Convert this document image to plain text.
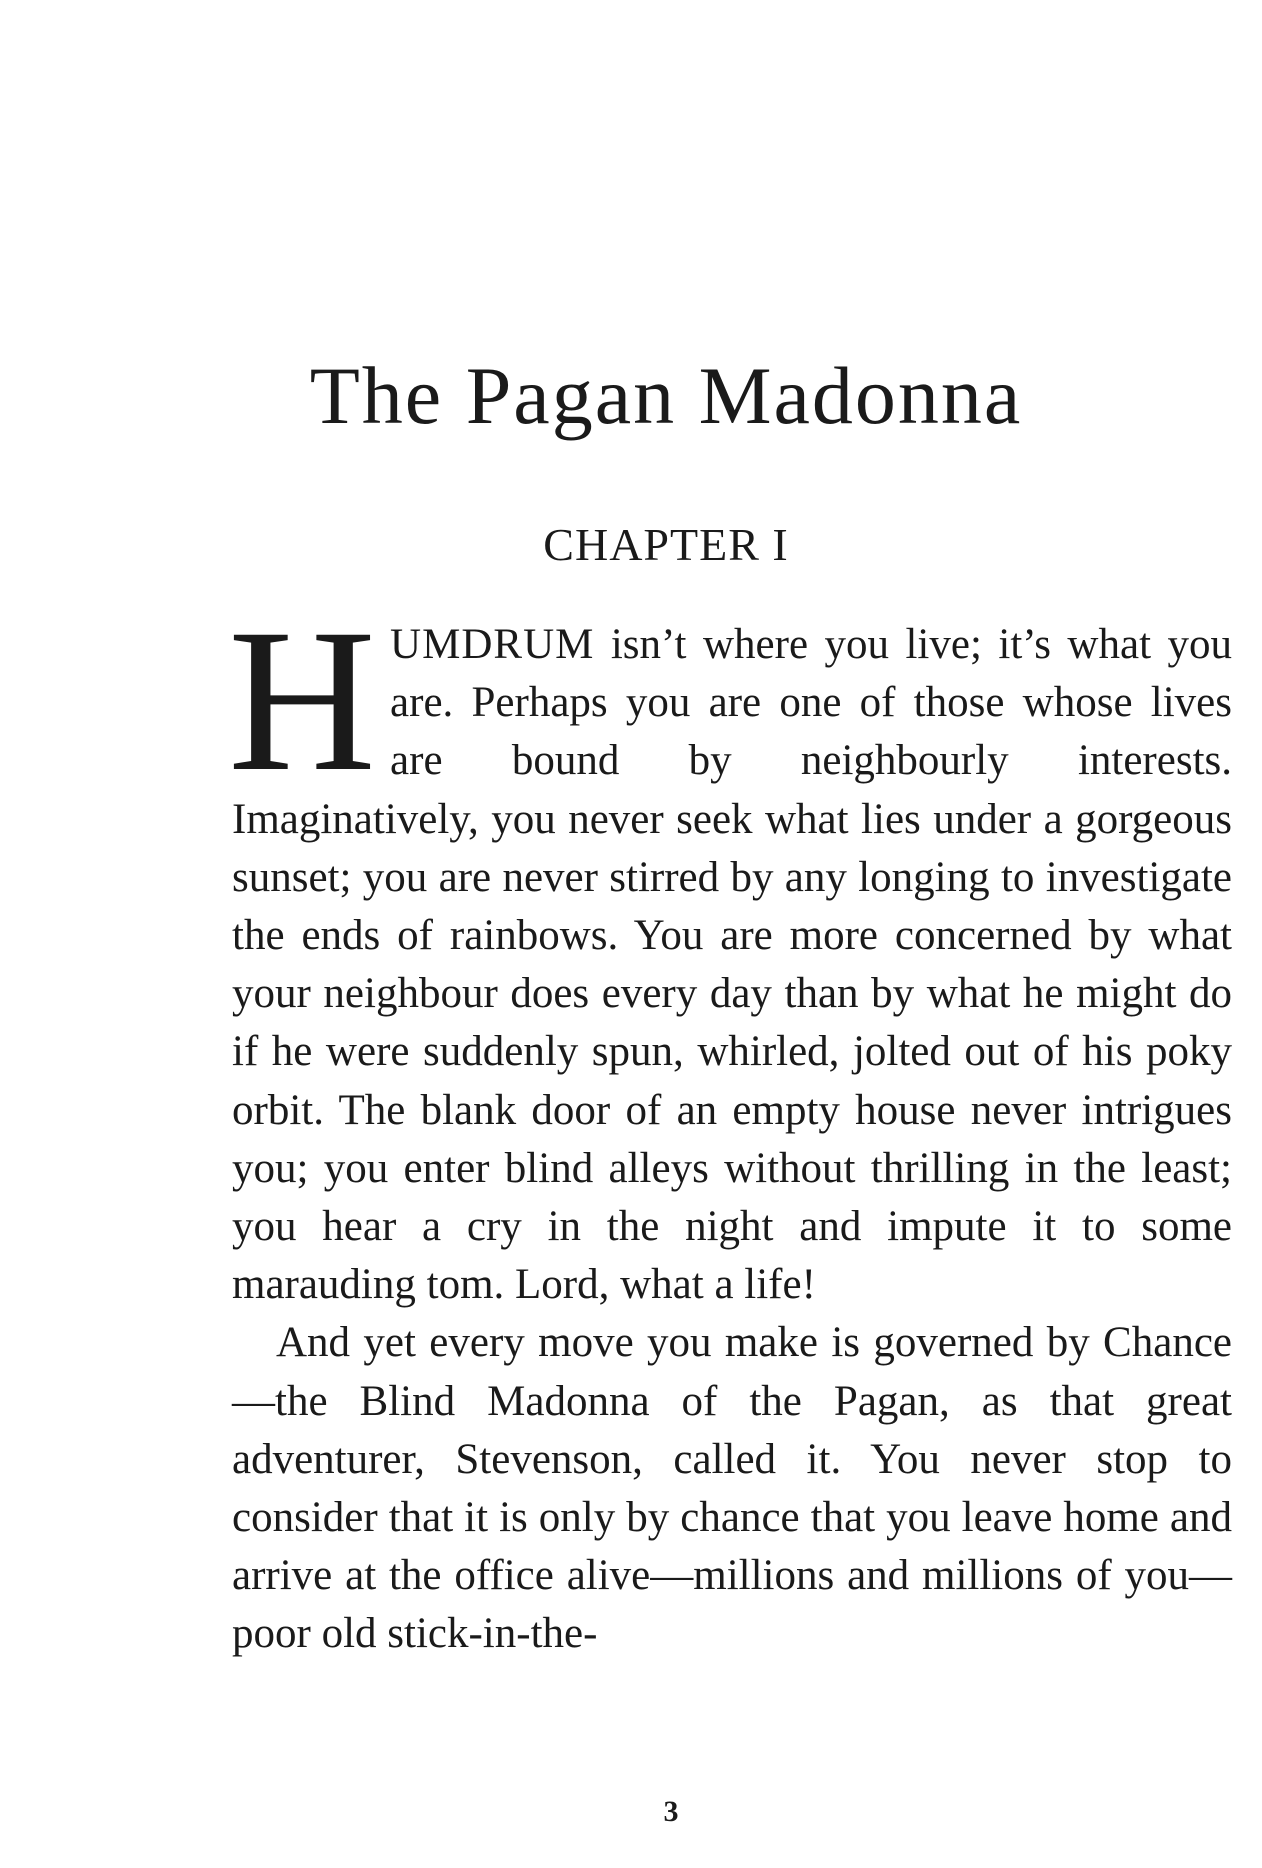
The Pagan Madonna
CHAPTER I

HUMDRUM isn’t where you live; it’s what you are. Perhaps you are one of those whose lives are bound by neighbourly interests. Imaginatively, you never seek what lies under a gorgeous sunset; you are never stirred by any longing to investigate the ends of rainbows. You are more concerned by what your neighbour does every day than by what he might do if he were suddenly spun, whirled, jolted out of his poky orbit. The blank door of an empty house never intrigues you; you enter blind alleys without thrilling in the least; you hear a cry in the night and impute it to some marauding tom. Lord, what a life!

And yet every move you make is governed by Chance—the Blind Madonna of the Pagan, as that great adventurer, Stevenson, called it. You never stop to consider that it is only by chance that you leave home and arrive at the office alive—millions and millions of you—poor old stick-in-the-

3
